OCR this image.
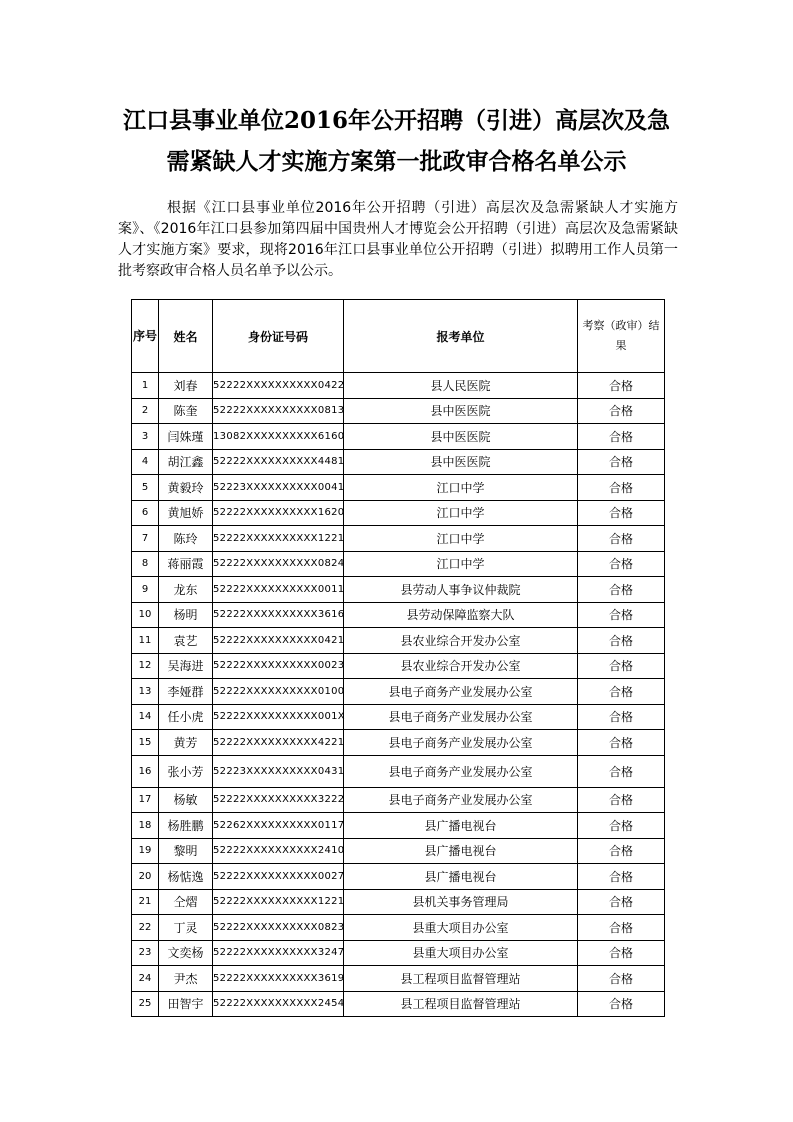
江口县事业单位2016年公开招聘（引进）高层次及急
需紧缺人才实施方案第一批政审合格名单公示
根据《江口县事业单位2016年公开招聘（引进）高层次及急需紧缺人才实施方案》、《2016年江口县参加第四届中国贵州人才博览会公开招聘（引进）高层次及急需紧缺人才实施方案》要求，现将2016年江口县事业单位公开招聘（引进）拟聘用工作人员第一批考察政审合格人员名单予以公示。
序号	姓名	身份证号码	报考单位	考察（政审）结果
1	刘春	52222XXXXXXXXXX0422	县人民医院	合格
2	陈奎	52222XXXXXXXXXX0813	县中医医院	合格
3	闫姝瑾	13082XXXXXXXXXX6160	县中医医院	合格
4	胡江鑫	52222XXXXXXXXXX4481	县中医医院	合格
5	黄毅玲	52223XXXXXXXXXX0041	江口中学	合格
6	黄旭娇	52222XXXXXXXXXX1620	江口中学	合格
7	陈玲	52222XXXXXXXXXX1221	江口中学	合格
8	蒋丽霞	52222XXXXXXXXXX0824	江口中学	合格
9	龙东	52222XXXXXXXXXX0011	县劳动人事争议仲裁院	合格
10	杨明	52222XXXXXXXXXX3616	县劳动保障监察大队	合格
11	袁艺	52222XXXXXXXXXX0421	县农业综合开发办公室	合格
12	吴海进	52222XXXXXXXXXX0023	县农业综合开发办公室	合格
13	李娅群	52222XXXXXXXXXX0100	县电子商务产业发展办公室	合格
14	任小虎	52222XXXXXXXXXX001X	县电子商务产业发展办公室	合格
15	黄芳	52222XXXXXXXXXX4221	县电子商务产业发展办公室	合格
16	张小芳	52223XXXXXXXXXX0431	县电子商务产业发展办公室	合格
17	杨敏	52222XXXXXXXXXX3222	县电子商务产业发展办公室	合格
18	杨胜鹏	52262XXXXXXXXXX0117	县广播电视台	合格
19	黎明	52222XXXXXXXXXX2410	县广播电视台	合格
20	杨惦逸	52222XXXXXXXXXX0027	县广播电视台	合格
21	仝熠	52222XXXXXXXXXX1221	县机关事务管理局	合格
22	丁灵	52222XXXXXXXXXX0823	县重大项目办公室	合格
23	文奕杨	52222XXXXXXXXXX3247	县重大项目办公室	合格
24	尹杰	52222XXXXXXXXXX3619	县工程项目监督管理站	合格
25	田智宇	52222XXXXXXXXXX2454	县工程项目监督管理站	合格
